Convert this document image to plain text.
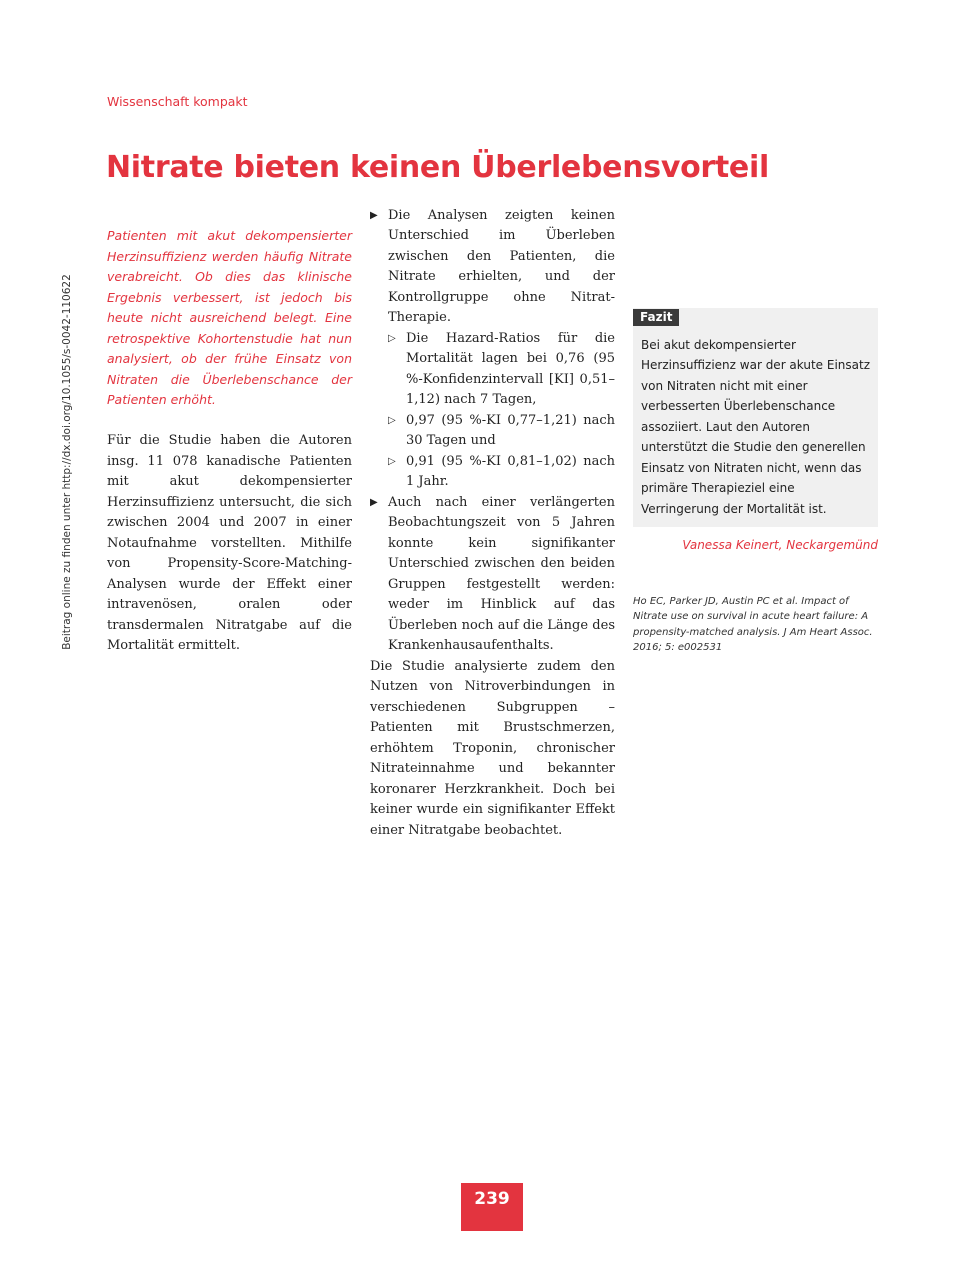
Wissenschaft kompakt
Nitrate bieten keinen Überlebensvorteil
Beitrag online zu finden unter http://dx.doi.org/10.1055/s-0042-110622

Patienten mit akut dekompensierter Herzinsuffizienz werden häufig Nitrate verabreicht. Ob dies das klinische Ergebnis verbessert, ist jedoch bis heute nicht ausreichend belegt. Eine retrospektive Kohortenstudie hat nun analysiert, ob der frühe Einsatz von Nitraten die Überlebenschance der Patienten erhöht.

Für die Studie haben die Autoren insg. 11 078 kanadische Patienten mit akut dekompensierter Herzinsuffizienz untersucht, die sich zwischen 2004 und 2007 in einer Notaufnahme vorstellten. Mithilfe von Propensity-Score-Matching-Analysen wurde der Effekt einer intravenösen, oralen oder transdermalen Nitratgabe auf die Mortalität ermittelt.

▶ Die Analysen zeigten keinen Unterschied im Überleben zwischen den Patienten, die Nitrate erhielten, und der Kontrollgruppe ohne Nitrat-Therapie.

▷ Die Hazard-Ratios für die Mortalität lagen bei 0,76 (95 %-Konfidenzintervall [KI] 0,51–1,12) nach 7 Tagen,

▷ 0,97 (95 %-KI 0,77–1,21) nach 30 Tagen und

▷ 0,91 (95 %-KI 0,81–1,02) nach 1 Jahr.

▶ Auch nach einer verlängerten Beobachtungszeit von 5 Jahren konnte kein signifikanter Unterschied zwischen den beiden Gruppen festgestellt werden: weder im Hinblick auf das Überleben noch auf die Länge des Krankenhausaufenthalts.

Die Studie analysierte zudem den Nutzen von Nitroverbindungen in verschiedenen Subgruppen – Patienten mit Brustschmerzen, erhöhtem Troponin, chronischer Nitrateinnahme und bekannter koronarer Herzkrankheit. Doch bei keiner wurde ein signifikanter Effekt einer Nitratgabe beobachtet.

Fazit

Bei akut dekompensierter Herzinsuffizienz war der akute Einsatz von Nitraten nicht mit einer verbesserten Überlebenschance assoziiert. Laut den Autoren unterstützt die Studie den generellen Einsatz von Nitraten nicht, wenn das primäre Therapieziel eine Verringerung der Mortalität ist.

Vanessa Keinert, Neckargemünd

Ho EC, Parker JD, Austin PC et al. Impact of Nitrate use on survival in acute heart failure: A propensity-matched analysis. J Am Heart Assoc. 2016; 5: e002531

239
